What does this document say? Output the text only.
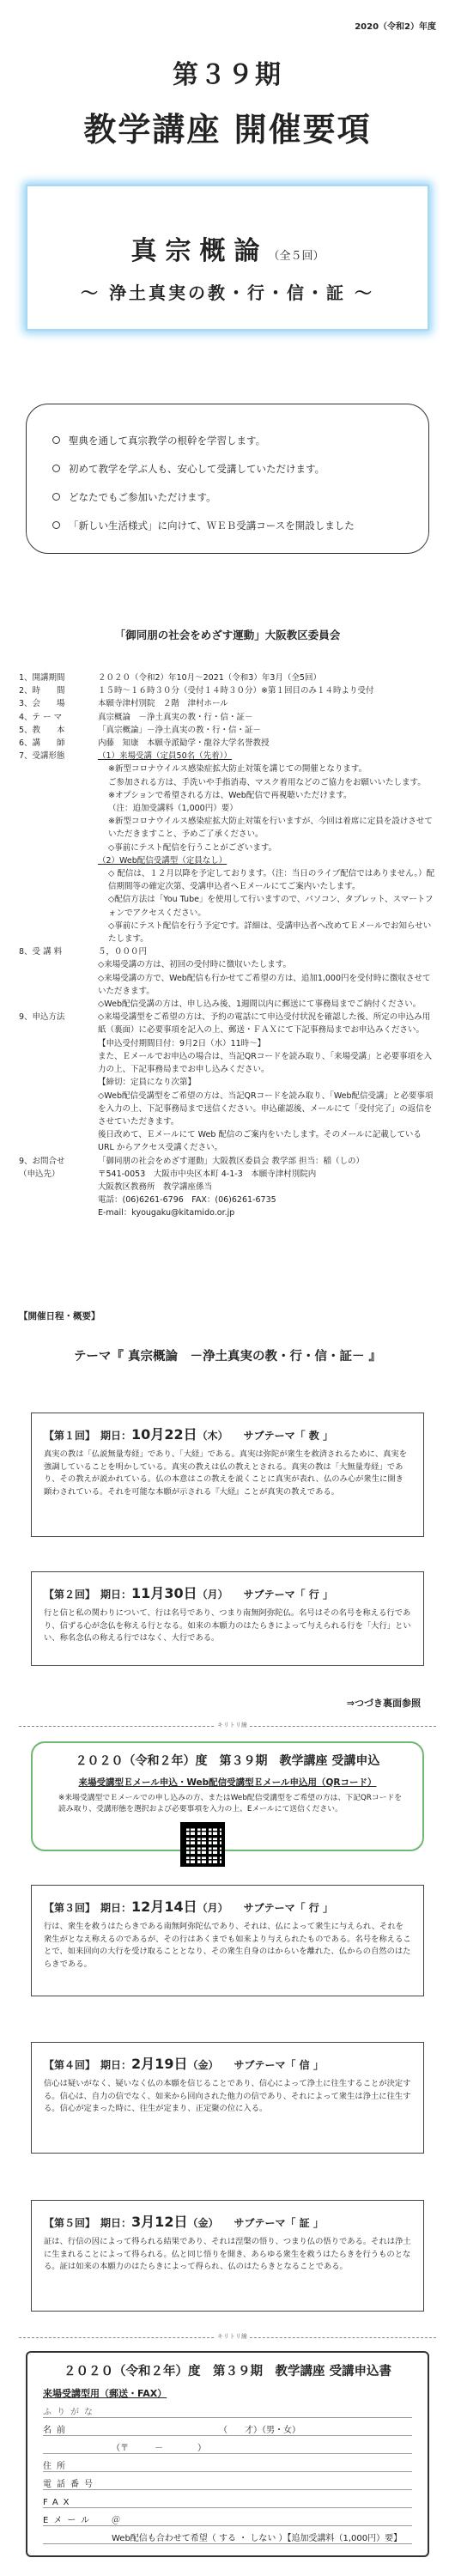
2020（令和2）年度
第３９期
教学講座 開催要項
真宗概論（全５回）
～ 浄土真実の教・行・信・証 ～
聖典を通して真宗教学の根幹を学習します。
初めて教学を学ぶ人も、安心して受講していただけます。
どなたでもご参加いただけます。
「新しい生活様式」に向けて、ＷＥＢ受講コースを開設しました
「御同朋の社会をめざす運動」大阪教区委員会
1、開講期間	２０２０（令和2）年10月～2021（令和3）年3月（全5回）
2、時　　間	１５時～１６時３０分（受付１４時３０分）※第１回目のみ１４時より受付
3、会　　場	本願寺津村別院　２階　津村ホール
4、テ ー マ	真宗概論　－浄土真実の教・行・信・証－
5、教　　本	「真宗概論」－浄土真実の教・行・信・証－
6、講　　師	内藤　知康　本願寺派勧学・龍谷大学名誉教授
7、受講形態	（1）来場受講（定員50名（先着））
※新型コロナウイルス感染症拡大防止対策を講じての開催となります。
ご参加される方は、手洗いや手指消毒、マスク着用などのご協力をお願いいたします。
※オプションで希望される方は、Web配信で再視聴いただけます。
（注：追加受講料（1,000円）要）
※新型コロナウイルス感染症拡大防止対策を行いますが、今回は着席に定員を設けさせていただきますこと、予めご了承ください。
◇事前にテスト配信を行うことがございます。
（2）Web配信受講型（定員なし）
◇ 配信は、１２月以降を予定しております。（注：当日のライブ配信ではありません。）配信期間等の確定次第、受講申込者へＥメールにてご案内いたします。
◇配信方法は「You Tube」を使用して行いますので、パソコン、タブレット、スマートフォンでアクセスください。
◇事前にテスト配信を行う予定です。詳細は、受講申込者へ改めてＥメールでお知らせいたします。
8、受 講 料	５，０００円
◇来場受講の方は、初回の受付時に徴収いたします。
◇来場受講の方で、Web配信も行かせてご希望の方は、追加1,000円を受付時に徴収させていただきます。
◇Web配信受講の方は、申し込み後、1週間以内に郵送にて事務局までご納付ください。
9、申込方法	◇来場受講型をご希望の方は、予約の電話にて申込受付状況を確認した後、所定の申込み用紙（裏面）に必要事項を記入の上、郵送・ＦＡＸにて下記事務局までお申込みください。
【申込受付期間目付：9月2日（水）11時～】
また、Ｅメールでお申込の場合は、当記QRコードを読み取り、「来場受講」と必要事項を入力の上、下記事務局までお申し込みください。
【締切：定員になり次第】
◇Web配信受講型をご希望の方は、当記QRコードを読み取り、「Web配信受講」と必要事項を入力の上、下記事務局まで送信ください。申込確認後、メールにて「受付完了」の返信をさせていただきます。
後日改めて、Ｅメールにて Web 配信のご案内をいたします。そのメールに記載している URL からアクセス受講ください。
9、お問合せ	「御同朋の社会をめざす運動」大阪教区委員会 教学部 担当：稲（しの）
（申込先）	〒541-0053　大阪市中央区本町 4-1-3　本願寺津村別院内
大阪教区教務所　教学講座係当
電話：(06)6261-6796　FAX：(06)6261-6735
E-mail：kyougaku@kitamido.or.jp
【開催日程・概要】
テーマ『 真宗概論　－浄土真実の教・行・信・証－ 』
【第１回】　 期日：10月22日（木）　　 サブテーマ「 教 」
真実の教は「仏説無量寿経」であり、「大経」である。真実は弥陀が衆生を救済されるために、真実を強調していることを明かしている。真実の教えは仏の教えとされる。真実の教は「大無量寿経」であり、その教えが説かれている。仏の本意はこの教えを説くことに真実が表れ、仏のみ心が衆生に開き顕わされている。それを可能な本願が示される『大経』ことが真実の教えである。
【第２回】　 期日：11月30日（月）　　 サブテーマ「 行 」
行と信と私の関わりについて、行は名号であり、つまり南無阿弥陀仏。名号はその名号を称える行であり、信ずる心が念仏を称える行となる。如来の本願力のはたらきによって与えられる行を「大行」といい、称名念仏の称える行ではなく、大行である。
⇒つづき裏面参照
キリトリ線
２０２０（令和２年）度　第３９期　教学講座 受講申込
来場受講型Ｅメール申込・Web配信受講型Ｅメール申込用（QRコード）
※来場受講型でＥメールでの申し込みの方、またはWeb配信受講型をご希望の方は、下記QRコードを読み取り、受講形態を選択および必要事項を入力の上、Eメールにて送信ください。
【第３回】　 期日：12月14日（月）　　 サブテーマ「 行 」
行は、衆生を救うはたらきである南無阿弥陀仏であり、それは、仏によって衆生に与えられ、それを衆生がとなえ称えるのであるが、その行はあくまでも如来より与えられたものである。名号を称えることで、如来回向の大行を受け取ることとなり、その衆生自身のはからいを離れた、仏からの自然のはたらきである。
【第４回】　 期日：2月19日（金）　　 サブテーマ「 信 」
信心は疑いがなく、疑いなく仏の本願を信じることであり、信心によって浄土に往生することが決定する。信心は、自力の信でなく、如来から回向された他力の信であり、それによって衆生は浄土に往生する。信心が定まった時に、往生が定まり、正定聚の位に入る。
【第５回】　 期日：3月12日（金）　　 サブテーマ「 証 」
証は、行信の因によって得られる結果であり、それは涅槃の悟り、つまり仏の悟りである。それは浄土に生まれることによって得られる。仏と同じ悟りを開き、あらゆる衆生を救うはたらきを行うものとなる。証は如来の本願力のはたらきによって得られ、仏のはたらきとなることである。
キリトリ線
２０２０（令和２年）度　第３９期　教学講座 受講申込書
来場受講型用（郵送・FAX）
ふりがな
名前	　　　　　　　　　　　　　（　　才）（男・女）
（〒　　　－　　　　）
住所
電話番号
FAX
Eメール	＠
Web配信も合わせて希望（ する ・ しない ）【追加受講料（1,000円）要】
